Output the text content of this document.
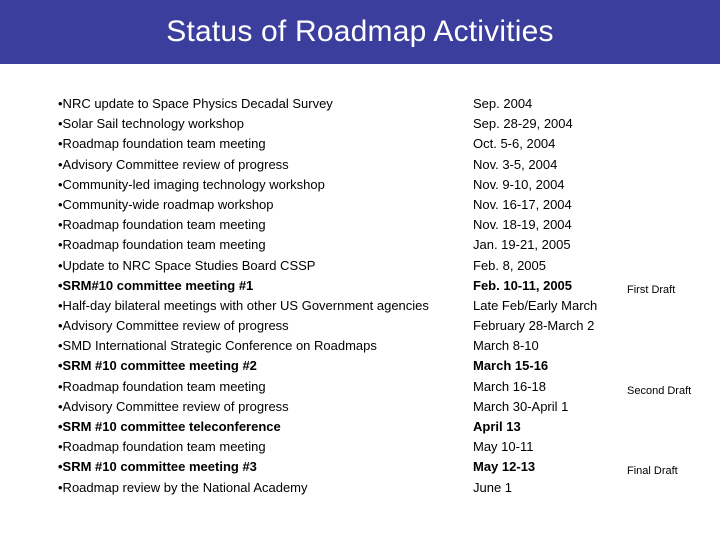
Status of Roadmap Activities
•NRC update to Space Physics Decadal Survey	Sep. 2004
•Solar Sail technology workshop	Sep. 28-29, 2004
•Roadmap foundation team meeting	Oct. 5-6, 2004
•Advisory Committee review of progress	Nov. 3-5, 2004
•Community-led imaging technology workshop	Nov. 9-10, 2004
•Community-wide roadmap workshop	Nov. 16-17, 2004
•Roadmap foundation team meeting	Nov. 18-19, 2004
•Roadmap foundation team meeting	Jan. 19-21, 2005
•Update to NRC Space Studies Board CSSP	Feb. 8, 2005
•SRM#10 committee meeting #1	Feb. 10-11, 2005
•Half-day bilateral meetings with other US Government agencies	Late Feb/Early March
•Advisory Committee review of progress	February 28-March 2
•SMD International Strategic Conference on Roadmaps	March 8-10
•SRM #10 committee meeting #2	March 15-16
•Roadmap foundation team meeting	March 16-18
•Advisory Committee review of progress	March 30-April 1
•SRM #10 committee teleconference	April 13
•Roadmap foundation team meeting	May 10-11
•SRM #10 committee meeting #3	May 12-13
•Roadmap review by the National Academy	June 1
First Draft
Second Draft
Final Draft
